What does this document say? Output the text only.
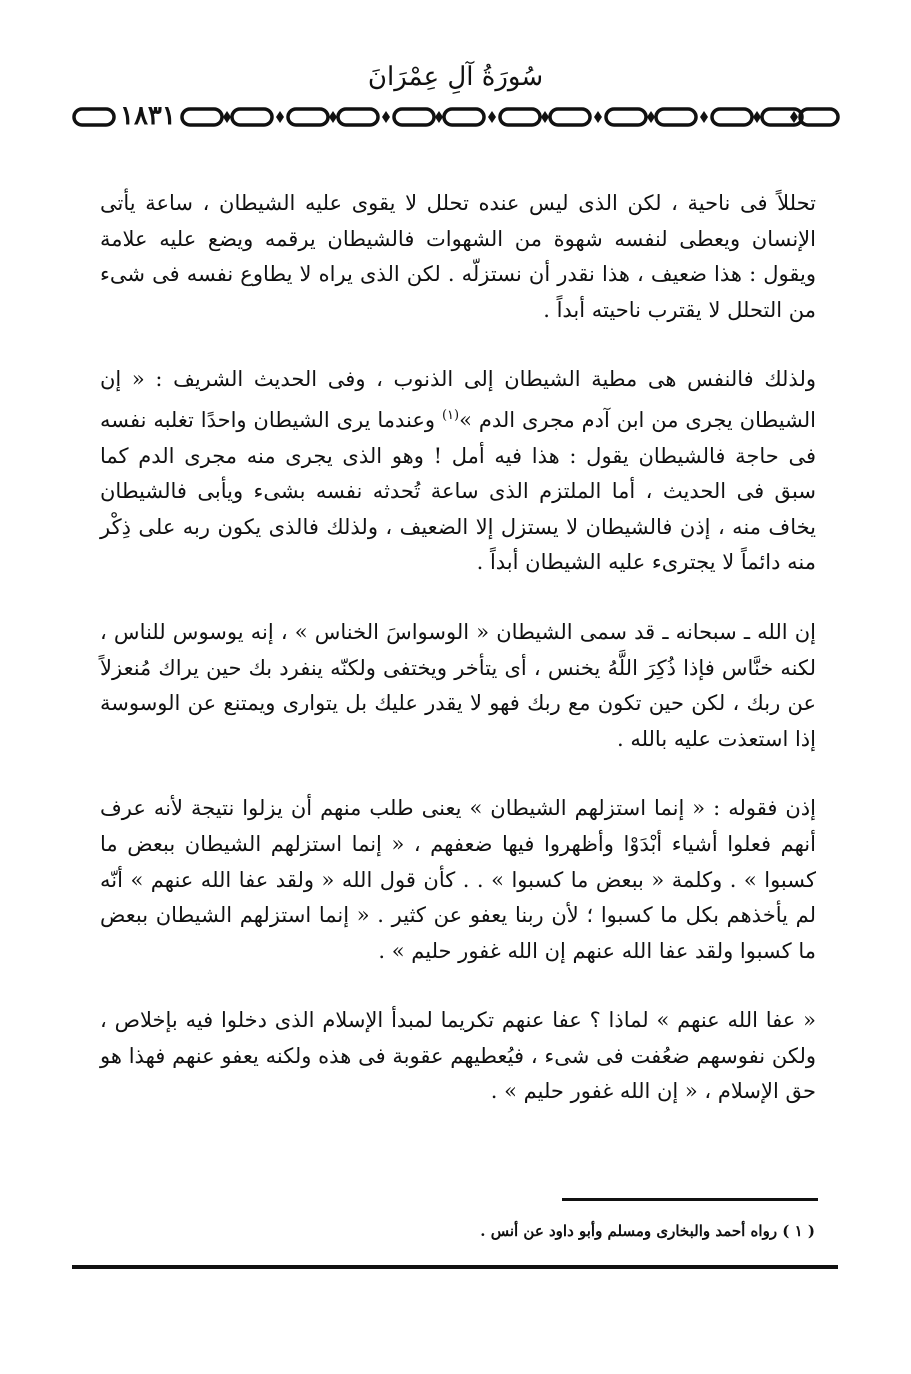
سُورَةُ آلِ عِمْرَانَ
١٨٣١

تحللاً فى ناحية ، لكن الذى ليس عنده تحلل لا يقوى عليه الشيطان ، ساعة يأتى الإنسان ويعطى لنفسه شهوة من الشهوات فالشيطان يرقمه ويضع عليه علامة ويقول : هذا ضعيف ، هذا نقدر أن نستزلّه . لكن الذى يراه لا يطاوع نفسه فى شىء من التحلل لا يقترب ناحيته أبداً .

ولذلك فالنفس هى مطية الشيطان إلى الذنوب ، وفى الحديث الشريف : « إن الشيطان يجرى من ابن آدم مجرى الدم »$^{(١)}$ وعندما يرى الشيطان واحدًا تغلبه نفسه فى حاجة فالشيطان يقول : هذا فيه أمل ! وهو الذى يجرى منه مجرى الدم كما سبق فى الحديث ، أما الملتزم الذى ساعة تُحدثه نفسه بشىء ويأبى فالشيطان يخاف منه ، إذن فالشيطان لا يستزل إلا الضعيف ، ولذلك فالذى يكون ربه على ذِكْر منه دائماً لا يجترىء عليه الشيطان أبداً .

إن الله ـ سبحانه ـ قد سمى الشيطان « الوسواسَ الخناس » ، إنه يوسوس للناس ، لكنه خنَّاس فإذا ذُكِرَ اللَّهُ يخنس ، أى يتأخر ويختفى ولكنّه ينفرد بك حين يراك مُنعزلاً عن ربك ، لكن حين تكون مع ربك فهو لا يقدر عليك بل يتوارى ويمتنع عن الوسوسة إذا استعذت عليه بالله .

إذن فقوله : « إنما استزلهم الشيطان » يعنى طلب منهم أن يزلوا نتيجة لأنه عرف أنهم فعلوا أشياء أبْدَوْا وأظهروا فيها ضعفهم ، « إنما استزلهم الشيطان ببعض ما كسبوا » . وكلمة « ببعض ما كسبوا » . . كأن قول الله « ولقد عفا الله عنهم » أنّه لم يأخذهم بكل ما كسبوا ؛ لأن ربنا يعفو عن كثير . « إنما استزلهم الشيطان ببعض ما كسبوا ولقد عفا الله عنهم إن الله غفور حليم » .

« عفا الله عنهم » لماذا ؟ عفا عنهم تكريما لمبدأ الإسلام الذى دخلوا فيه بإخلاص ، ولكن نفوسهم ضعُفت فى شىء ، فيُعطيهم عقوبة فى هذه ولكنه يعفو عنهم فهذا هو حق الإسلام ، « إن الله غفور حليم » .

( ١ ) رواه أحمد والبخارى ومسلم وأبو داود عن أنس .
